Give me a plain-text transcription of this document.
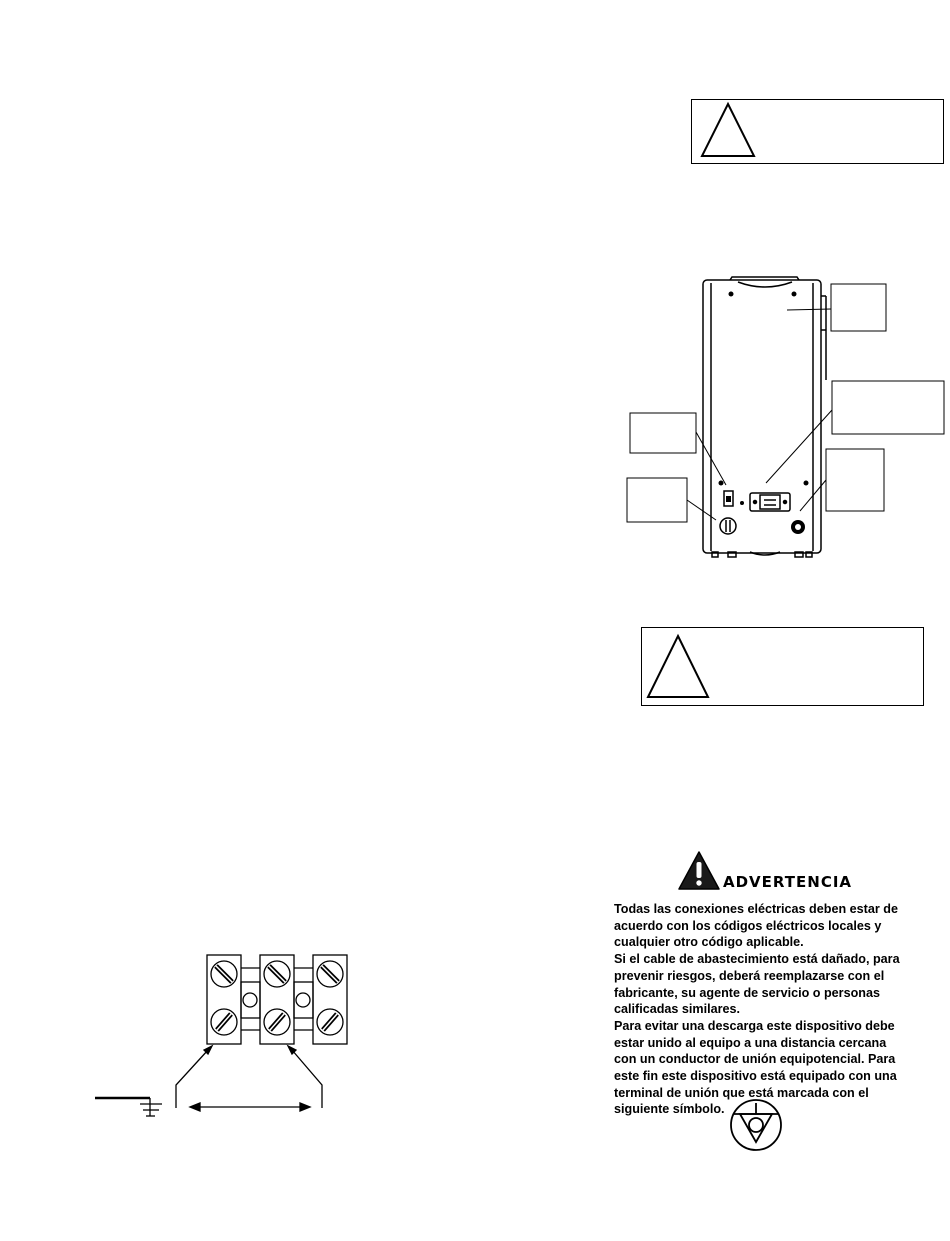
ADVERTENCIA
Todas las conexiones eléctricas deben estar de
acuerdo con los códigos eléctricos locales y
cualquier otro código aplicable.
Si el cable de abastecimiento está dañado, para
prevenir riesgos, deberá reemplazarse con el
fabricante, su agente de servicio o personas
calificadas similares.
Para evitar una descarga este dispositivo debe
estar unido al equipo a una distancia cercana
con un conductor de unión equipotencial. Para
este fin este dispositivo está equipado con una
terminal de unión que está marcada con el
siguiente símbolo.
